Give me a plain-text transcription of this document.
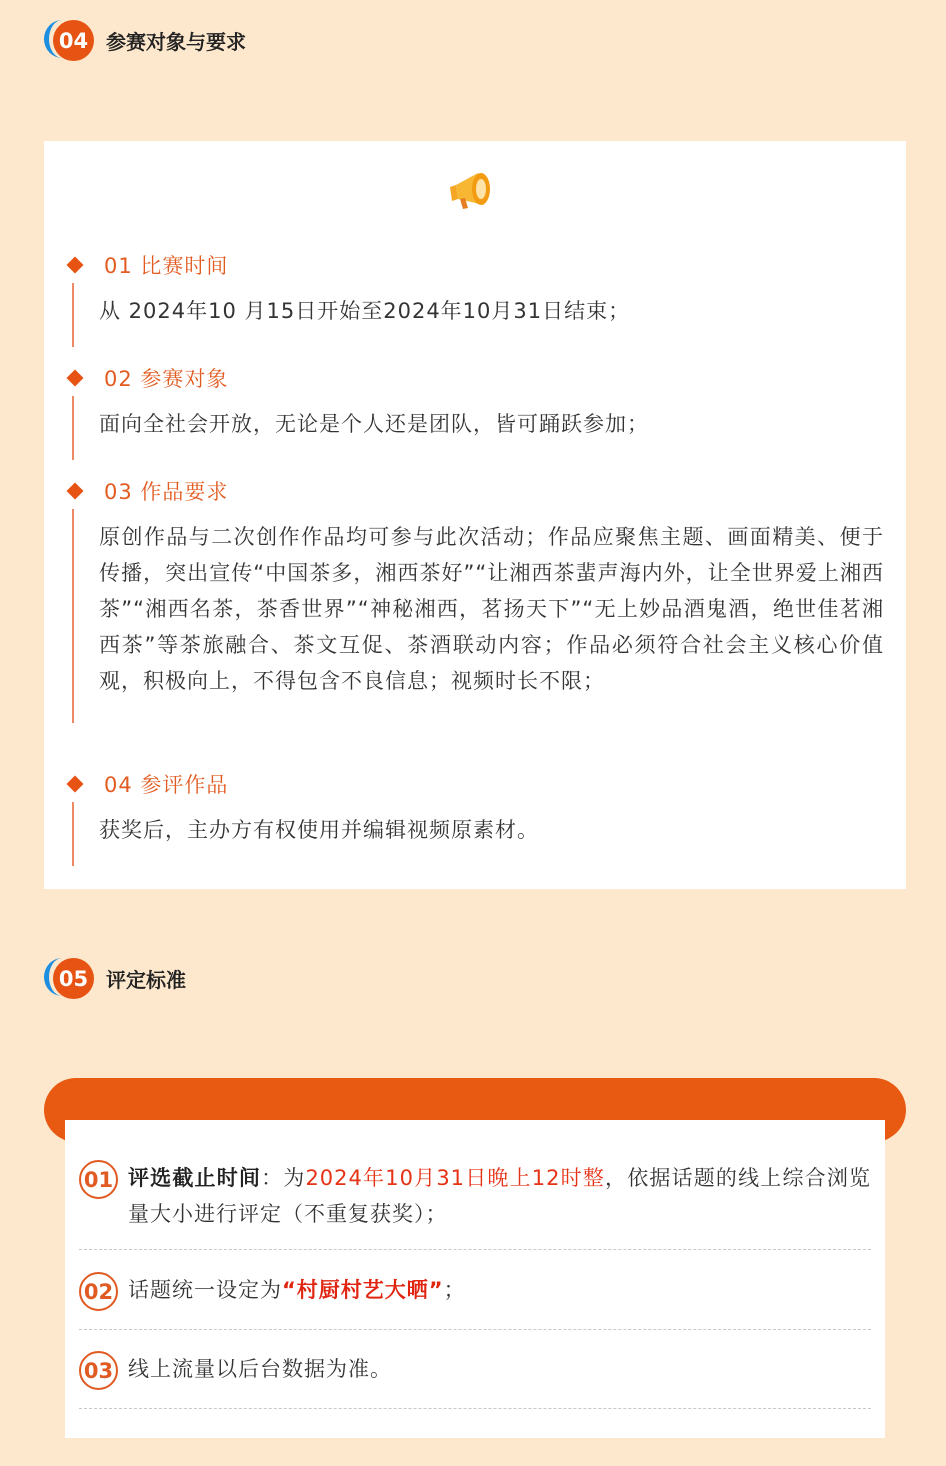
04 参赛对象与要求
01 比赛时间
从 2024年10 月15日开始至2024年10月31日结束；
02 参赛对象
面向全社会开放，无论是个人还是团队，皆可踊跃参加；
03 作品要求
原创作品与二次创作作品均可参与此次活动；作品应聚焦主题、画面精美、便于传播，突出宣传“中国茶多，湘西茶好”“让湘西茶蜚声海内外，让全世界爱上湘西茶”“湘西名茶，茶香世界”“神秘湘西，茗扬天下”“无上妙品酒鬼酒，绝世佳茗湘西茶”等茶旅融合、茶文互促、茶酒联动内容；作品必须符合社会主义核心价值观，积极向上，不得包含不良信息；视频时长不限；
04 参评作品
获奖后，主办方有权使用并编辑视频原素材。
05 评定标准
01 评选截止时间：为2024年10月31日晚上12时整，依据话题的线上综合浏览量大小进行评定（不重复获奖）；
02 话题统一设定为“村厨村艺大晒”；
03 线上流量以后台数据为准。
